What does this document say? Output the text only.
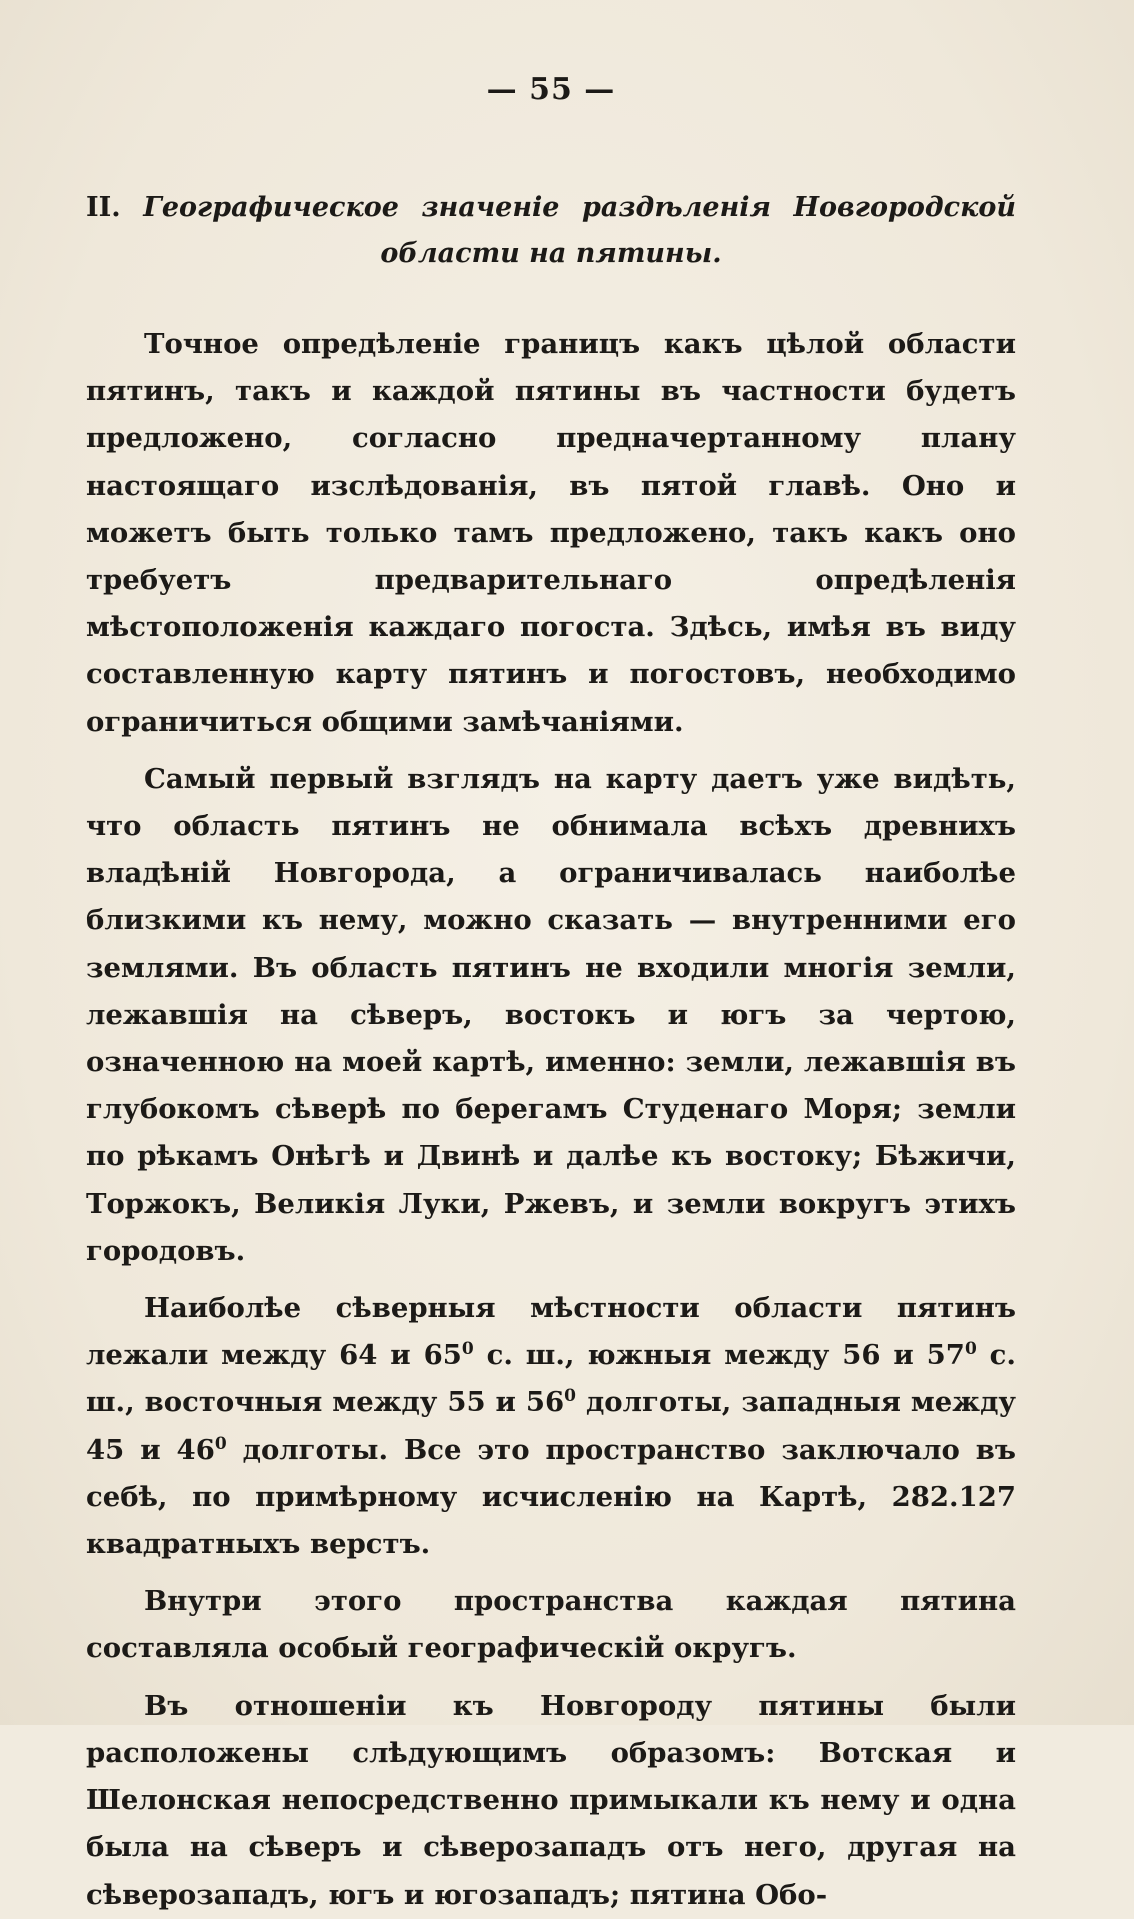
— 55 —
II. Географическое значеніе раздѣленія Новгородской области на пятины.

Точное опредѣленіе границъ какъ цѣлой области пятинъ, такъ и каждой пятины въ частности будетъ предложено, согласно предначертанному плану настоящаго изслѣдованія, въ пятой главѣ. Оно и можетъ быть только тамъ предложено, такъ какъ оно требуетъ предварительнаго опредѣленія мѣстоположенія каждаго погоста. Здѣсь, имѣя въ виду составленную карту пятинъ и погостовъ, необходимо ограничиться общими замѣчаніями.

Самый первый взглядъ на карту даетъ уже видѣть, что область пятинъ не обнимала всѣхъ древнихъ владѣній Новгорода, а ограничивалась наиболѣе близкими къ нему, можно сказать — внутренними его землями. Въ область пятинъ не входили многія земли, лежавшія на сѣверъ, востокъ и югъ за чертою, означенною на моей картѣ, именно: земли, лежавшія въ глубокомъ сѣверѣ по берегамъ Студенаго Моря; земли по рѣкамъ Онѣгѣ и Двинѣ и далѣе къ востоку; Бѣжичи, Торжокъ, Великія Луки, Ржевъ, и земли вокругъ этихъ городовъ.

Наиболѣе сѣверныя мѣстности области пятинъ лежали между 64 и $65^0$ с. ш., южныя между 56 и $57^0$ с. ш., восточныя между 55 и $56^0$ долготы, западныя между 45 и $46^0$ долготы. Все это пространство заключало въ себѣ, по примѣрному исчисленію на Картѣ, 282.127 квадратныхъ верстъ.

Внутри этого пространства каждая пятина составляла особый географическій округъ.

Въ отношеніи къ Новгороду пятины были расположены слѣдующимъ образомъ: Вотская и Шелонская непосредственно примыкали къ нему и одна была на сѣверъ и сѣверозападъ отъ него, другая на сѣверозападъ, югъ и югозападъ; пятина Обо-
